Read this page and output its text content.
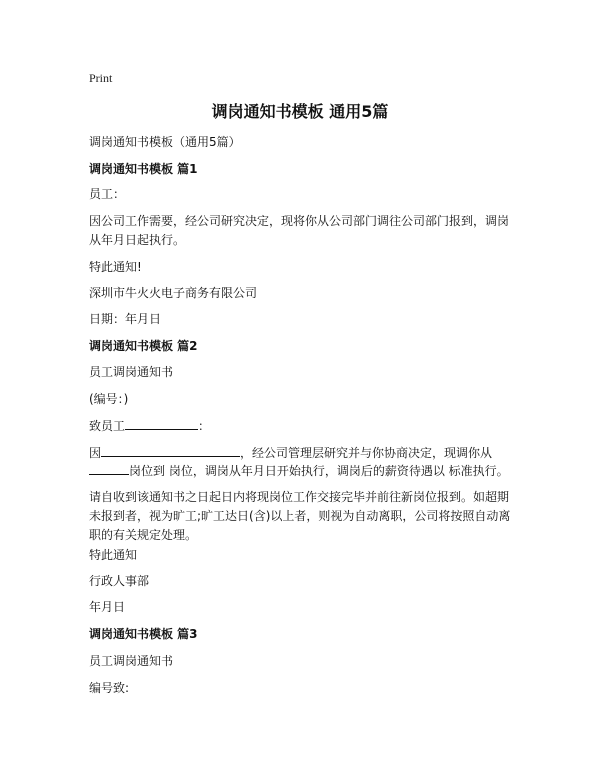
Print
调岗通知书模板 通用5篇
调岗通知书模板（通用5篇）
调岗通知书模板 篇1
员工：
因公司工作需要，经公司研究决定，现将你从公司部门调往公司部门报到，调岗从年月日起执行。
特此通知!
深圳市牛火火电子商务有限公司
日期：年月日
调岗通知书模板 篇2
员工调岗通知书
(编号：)
致员工	：
因	，经公司管理层研究并与你协商决定，现调你从
岗位到 岗位，调岗从年月日开始执行，调岗后的薪资待遇以 标准执行。
请自收到该通知书之日起日内将现岗位工作交接完毕并前往新岗位报到。如超期未报到者，视为旷工;旷工达日(含)以上者，则视为自动离职，公司将按照自动离职的有关规定处理。
特此通知
行政人事部
年月日
调岗通知书模板 篇3
员工调岗通知书
编号致:
